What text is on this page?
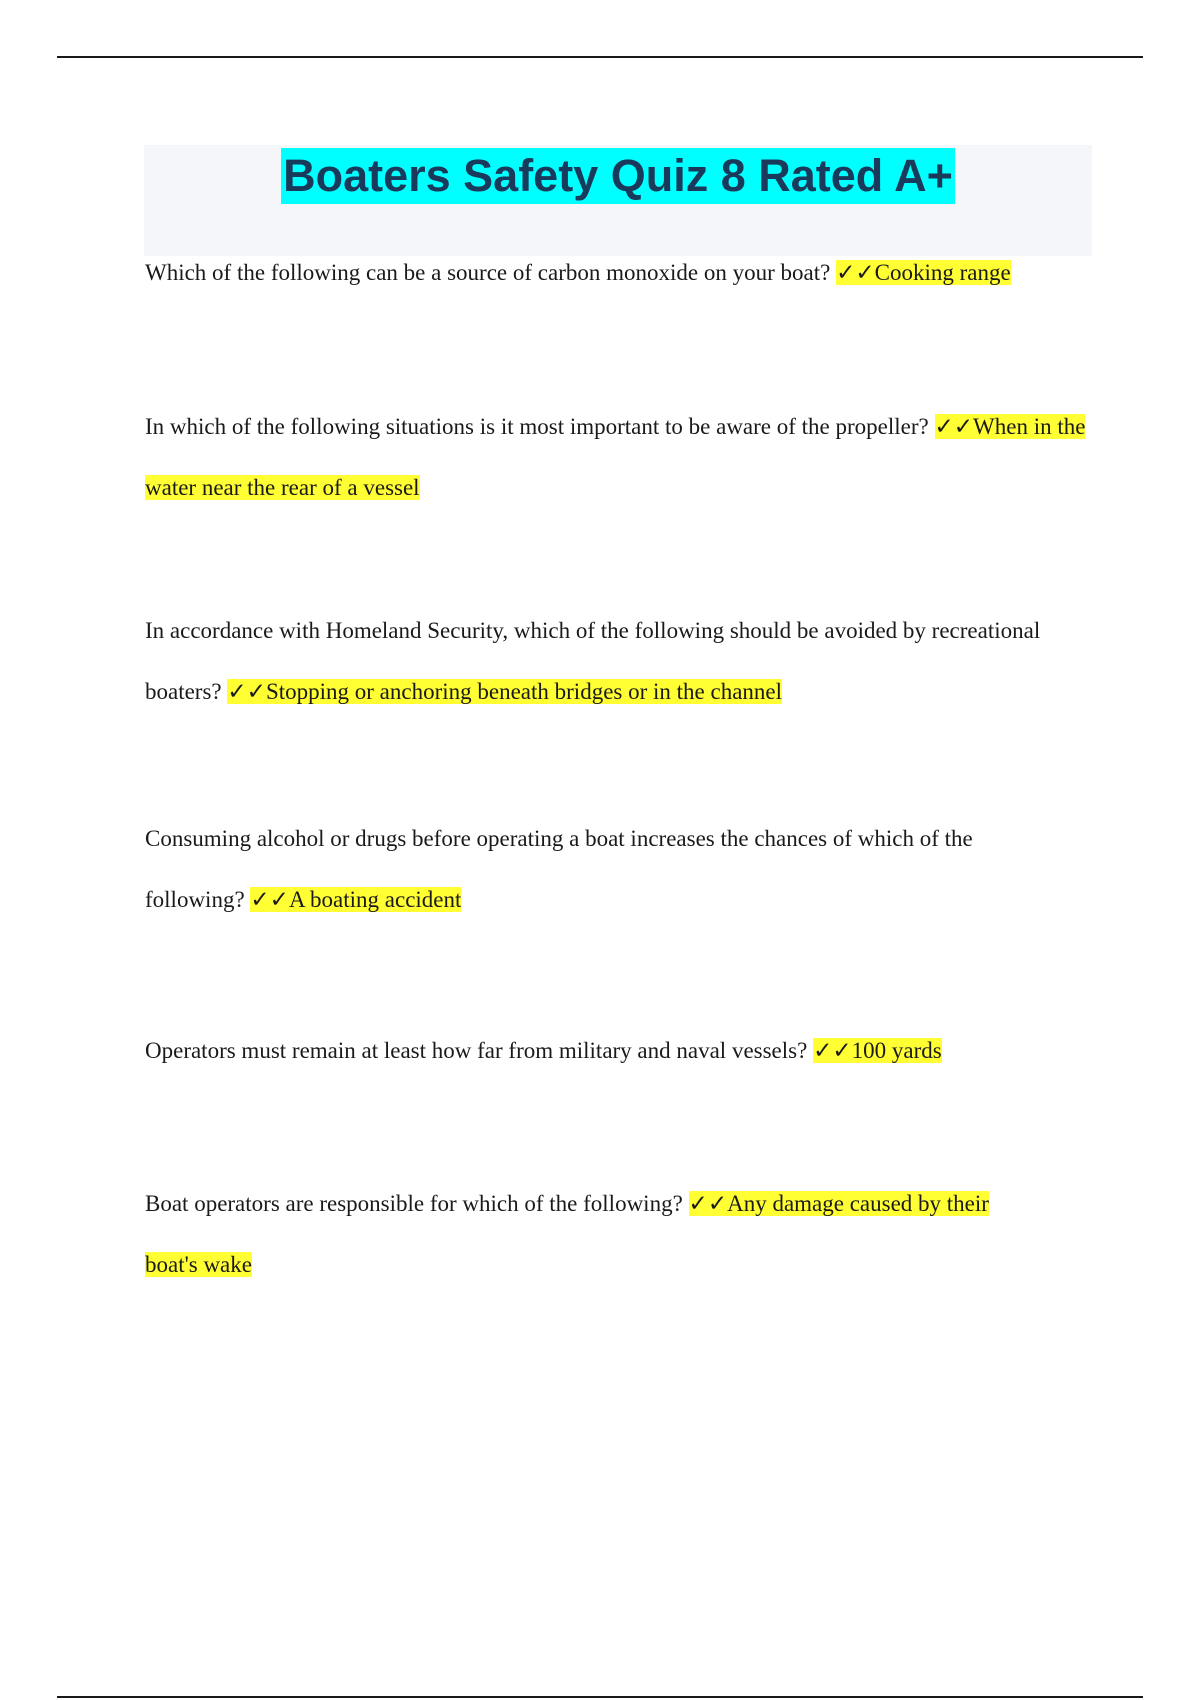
Boaters Safety Quiz 8 Rated A+

Which of the following can be a source of carbon monoxide on your boat? ✓✓Cooking range

In which of the following situations is it most important to be aware of the propeller? ✓✓When in the water near the rear of a vessel

In accordance with Homeland Security, which of the following should be avoided by recreational boaters? ✓✓Stopping or anchoring beneath bridges or in the channel

Consuming alcohol or drugs before operating a boat increases the chances of which of the following? ✓✓A boating accident

Operators must remain at least how far from military and naval vessels? ✓✓100 yards

Boat operators are responsible for which of the following? ✓✓Any damage caused by their boat's wake
